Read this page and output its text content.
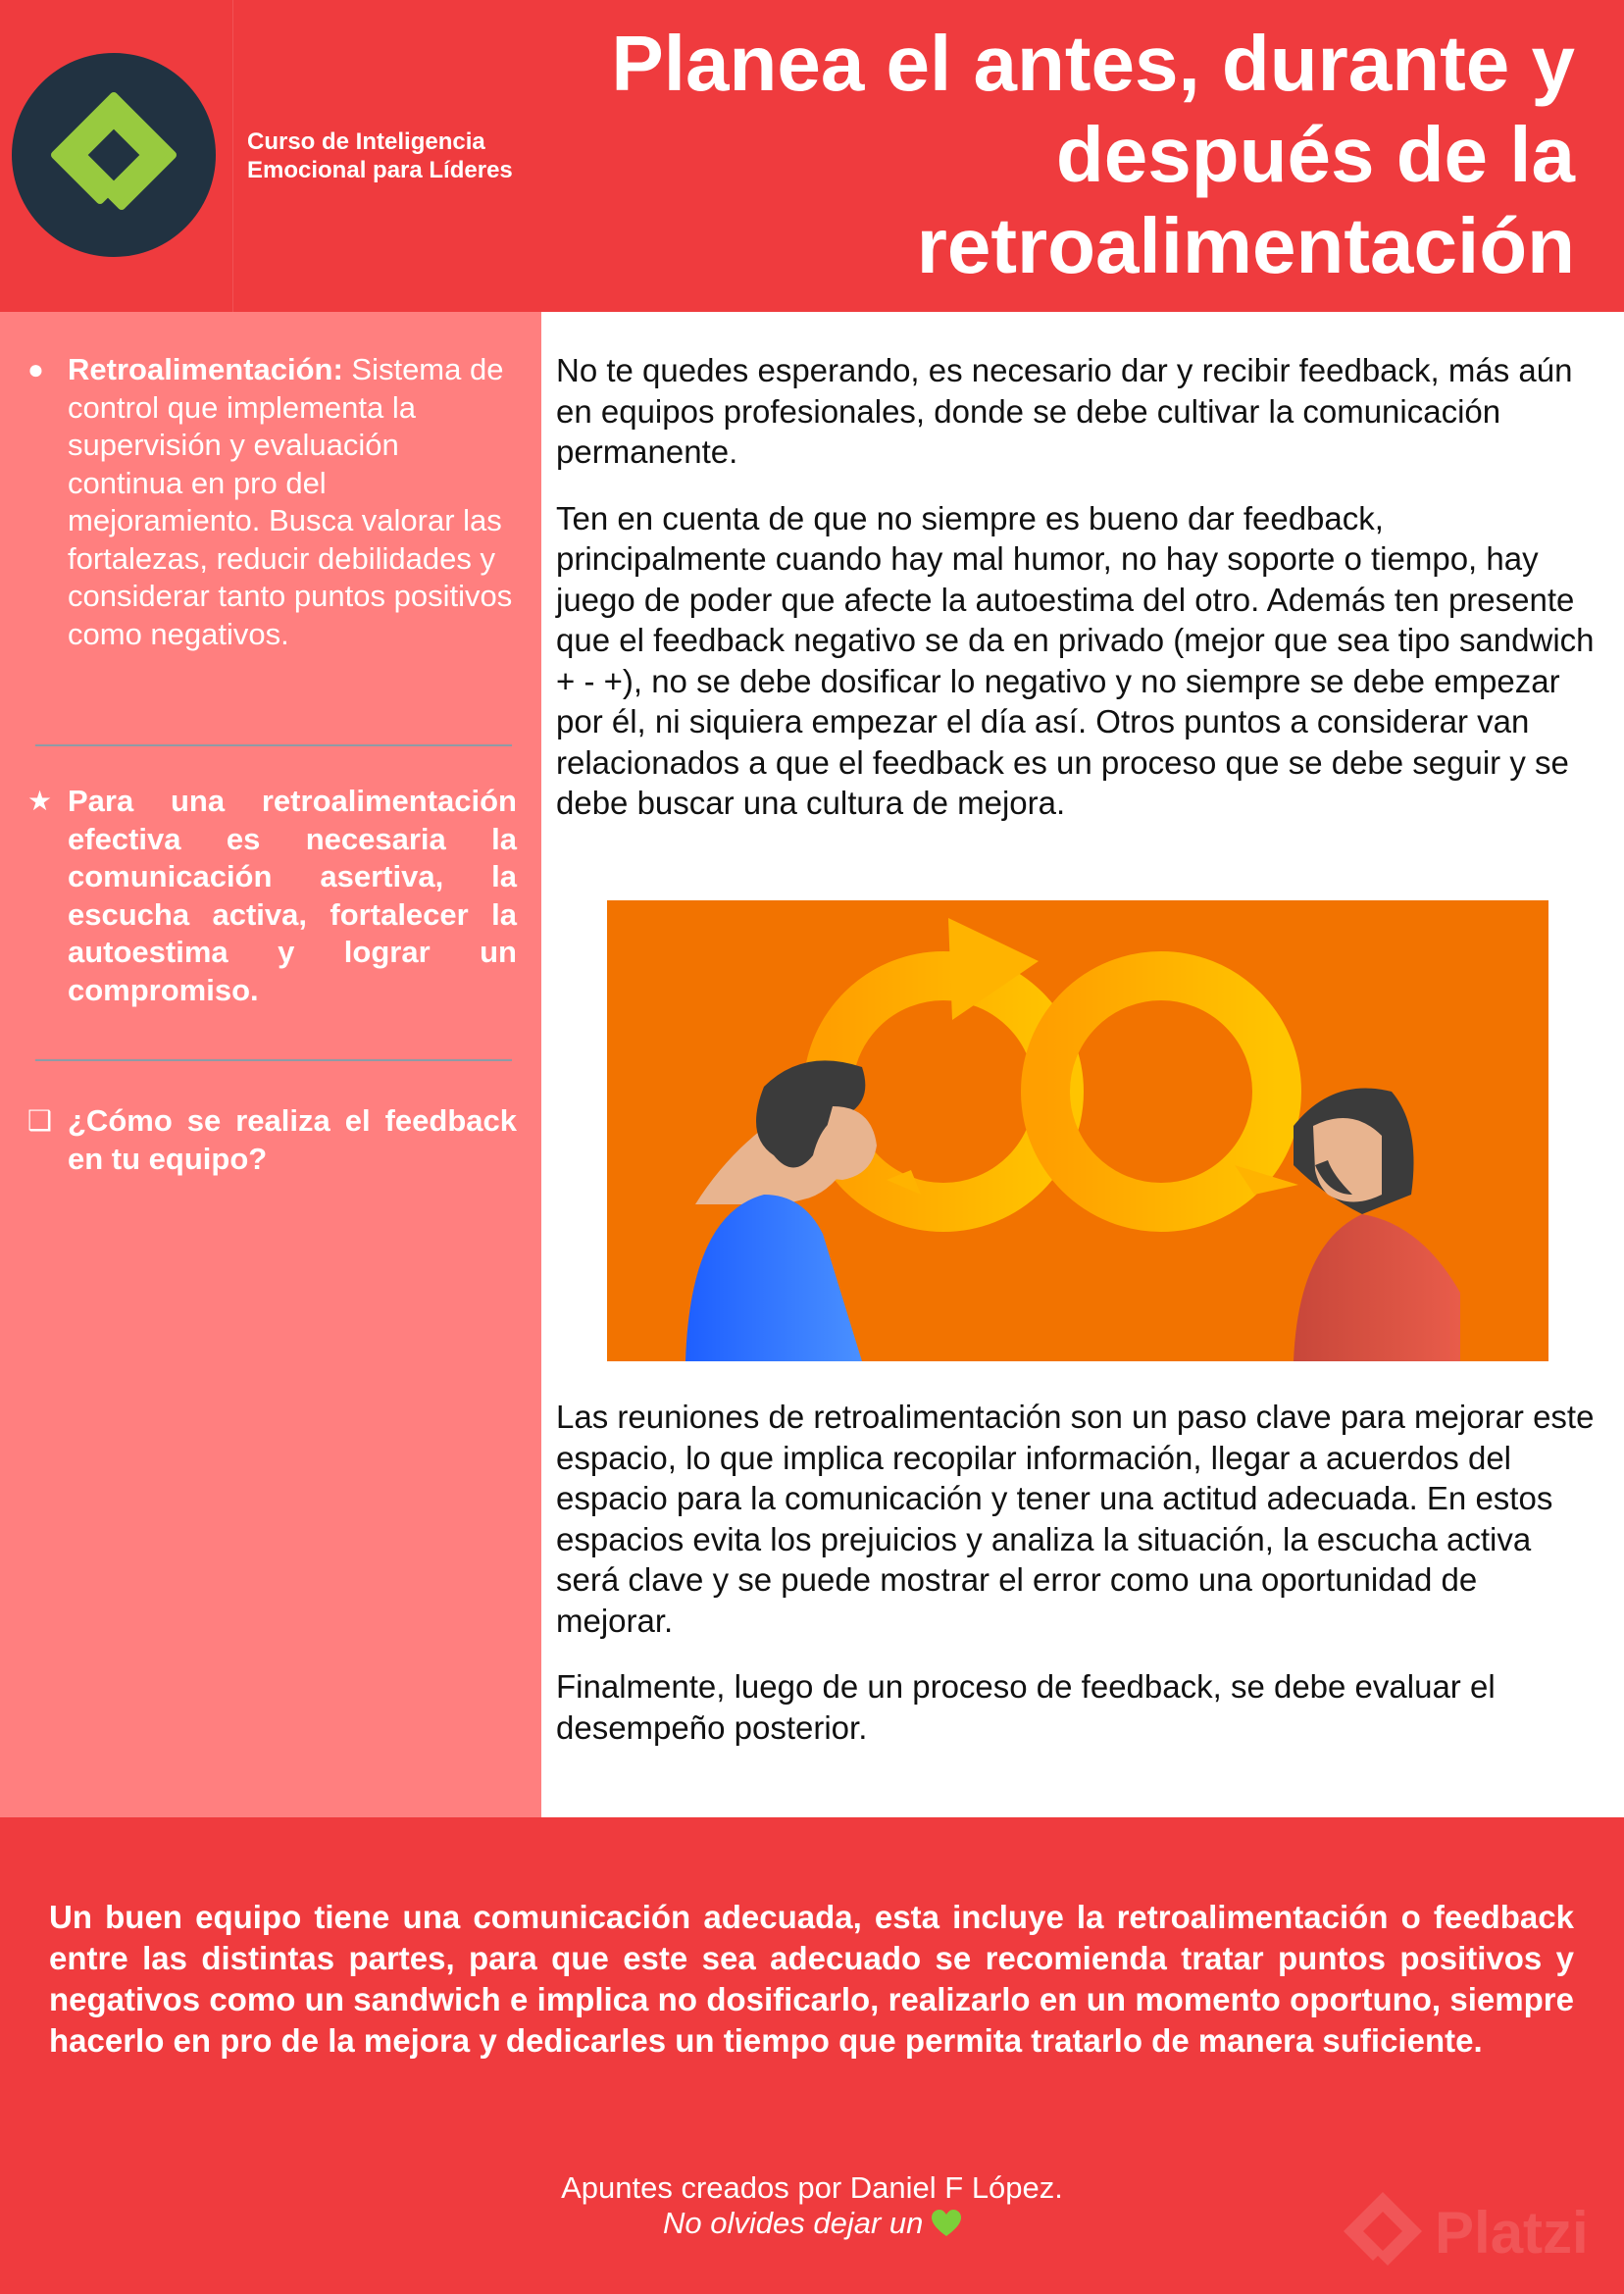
Curso de Inteligencia
Emocional para Líderes
Planea el antes, durante y después de la retroalimentación
● Retroalimentación: Sistema de control que implementa la supervisión y evaluación continua en pro del mejoramiento. Busca valorar las fortalezas, reducir debilidades y considerar tanto puntos positivos como negativos.
★ Para una retroalimentación efectiva es necesaria la comunicación asertiva, la escucha activa, fortalecer la autoestima y lograr un compromiso.
❑ ¿Cómo se realiza el feedback en tu equipo?

No te quedes esperando, es necesario dar y recibir feedback, más aún en equipos profesionales, donde se debe cultivar la comunicación permanente.

Ten en cuenta de que no siempre es bueno dar feedback, principalmente cuando hay mal humor, no hay soporte o tiempo, hay juego de poder que afecte la autoestima del otro. Además ten presente que el feedback negativo se da en privado (mejor que sea tipo sandwich + - +), no se debe dosificar lo negativo y no siempre se debe empezar por él, ni siquiera empezar el día así. Otros puntos a considerar van relacionados a que el feedback es un proceso que se debe seguir y se debe buscar una cultura de mejora.

Las reuniones de retroalimentación son un paso clave para mejorar este espacio, lo que implica recopilar información, llegar a acuerdos del espacio para la comunicación y tener una actitud adecuada. En estos espacios evita los prejuicios y analiza la situación, la escucha activa será clave y se puede mostrar el error como una oportunidad de mejorar.

Finalmente, luego de un proceso de feedback, se debe evaluar el desempeño posterior.

Un buen equipo tiene una comunicación adecuada, esta incluye la retroalimentación o feedback entre las distintas partes, para que este sea adecuado se recomienda tratar puntos positivos y negativos como un sandwich e implica no dosificarlo, realizarlo en un momento oportuno, siempre hacerlo en pro de la mejora y dedicarles un tiempo que permita tratarlo de manera suficiente.
Apuntes creados por Daniel F López.
No olvides dejar un	Platzi
